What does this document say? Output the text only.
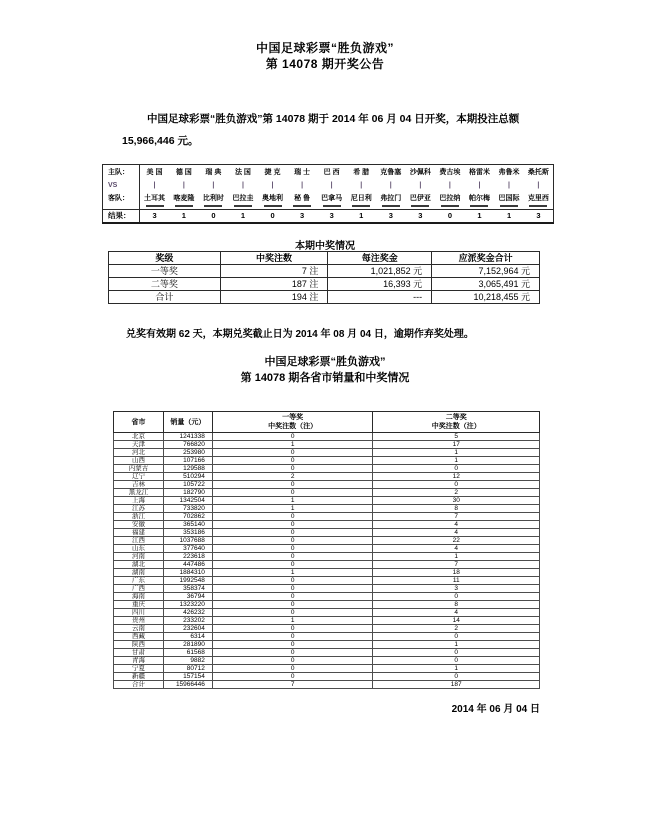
中国足球彩票“胜负游戏”
第 14078 期开奖公告

中国足球彩票“胜负游戏”第 14078 期于 2014 年 06 月 04 日开奖，本期投注总额 15,966,446 元。

主队：	美 国	德 国	瑞 典	法 国	捷 克	瑞 士	巴 西	希 腊	克鲁塞	沙佩科	费古埃	格雷米	弗鲁米	桑托斯
VS	|	|	|	|	|	|	|	|	|	|	|	|	|	|
客队：	土耳其	喀麦隆	比利时	巴拉圭	奥地利	秘 鲁	巴拿马	尼日利	弗拉门	巴伊亚	巴拉纳	帕尔梅	巴国际	克里西

结果：	3	1	0	1	0	3	3	1	3	3	0	1	1	3
本期中奖情况
奖级	中奖注数	每注奖金	应派奖金合计
一等奖	7 注	1,021,852 元	7,152,964 元
二等奖	187 注	16,393 元	3,065,491 元
合计	194 注	---	10,218,455 元

兑奖有效期 62 天，本期兑奖截止日为 2014 年 08 月 04 日，逾期作弃奖处理。

中国足球彩票“胜负游戏”
第 14078 期各省市销量和中奖情况
省市	销量（元）	
一等奖
中奖注数（注）

二等奖
中奖注数（注）

北京	1241338	0	5
天津	766820	1	17
河北	253980	0	1
山西	107166	0	1
内蒙古	129588	0	0
辽宁	510294	2	12
吉林	105722	0	0
黑龙江	182790	0	2
上海	1342504	1	30
江苏	733820	1	8
浙江	702862	0	7
安徽	365140	0	4
福建	353186	0	4
江西	1037688	0	22
山东	377640	0	4
河南	223618	0	1
湖北	447486	0	7
湖南	1884310	1	18
广东	1992548	0	11
广西	358374	0	3
海南	36794	0	0
重庆	1323220	0	8
四川	426232	0	4
贵州	233202	1	14
云南	232604	0	2
西藏	6314	0	0
陕西	281890	0	1
甘肃	61568	0	0
青海	9882	0	0
宁夏	80712	0	1
新疆	157154	0	0
合计	15966446	7	187
2014 年 06 月 04 日
